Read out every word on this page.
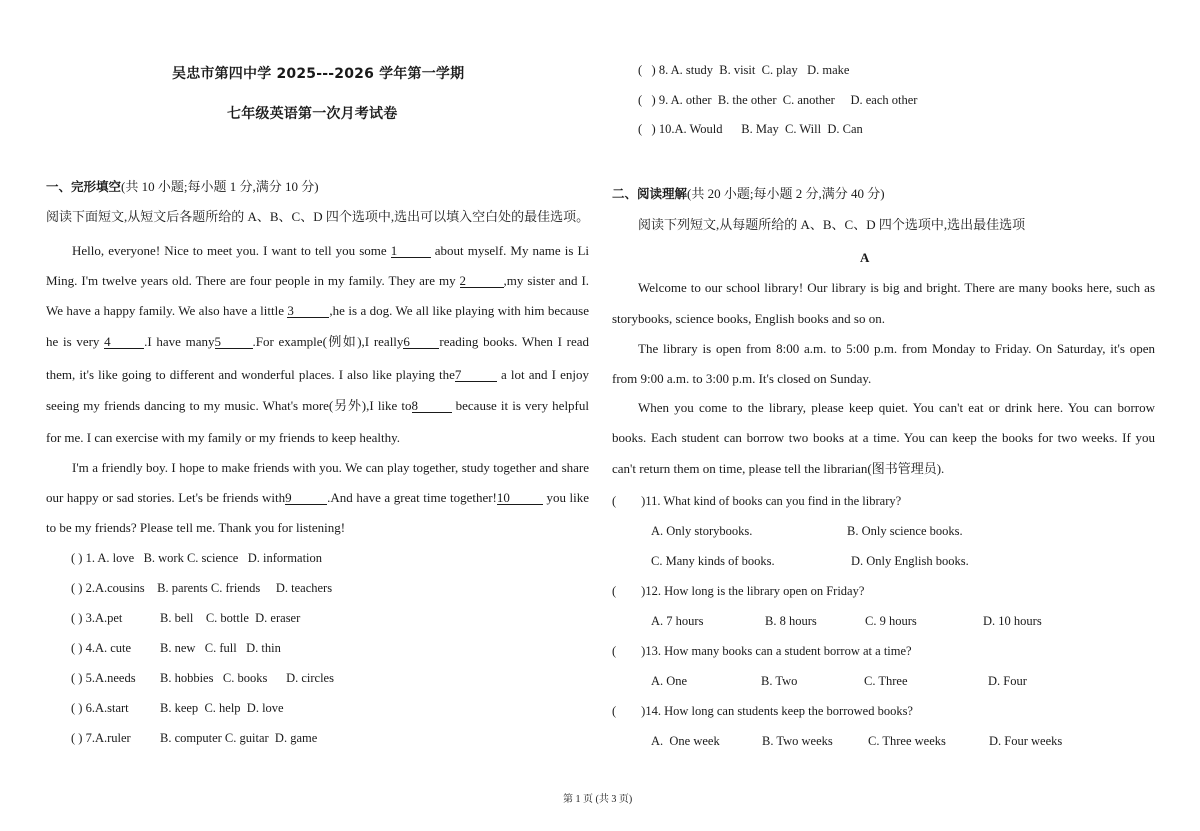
吴忠市第四中学 2025---2026 学年第一学期
七年级英语第一次月考试卷
一、完形填空(共 10 小题;每小题 1 分,满分 10 分)
阅读下面短文,从短文后各题所给的 A、B、C、D 四个选项中,选出可以填入空白处的最佳选项。
Hello, everyone! Nice to meet you. I want to tell you some 1	about myself. My name is Li
Ming. I'm twelve years old. There are four people in my family. They are my 2	,my sister and I.
We have a happy family. We also have a little 3	,he is a dog. We all like playing with him because
he is very 4	.I have many5 .For example(例如),I really6 reading books. When I read
them, it's like going to different and wonderful places. I also like playing the7	a lot and I enjoy
seeing my friends dancing to my music. What's more(另外),I like to8	because it is very helpful
for me. I can exercise with my family or my friends to keep healthy.
I'm a friendly boy. I hope to make friends with you. We can play together, study together and share
our happy or sad stories. Let's be friends with9	.And have a great time together!10	you like
to be my friends? Please tell me. Thank you for listening!
( ) 1. A. love B. work C. science D. information
( ) 2.A.cousins B. parents C. friends D. teachers
( ) 3.A.pet	B. bell C. bottle D. eraser
( ) 4.A. cute B. new C. full D. thin
( ) 5.A.needs B. hobbies C. books D. circles
( ) 6.A.start	B. keep C. help D. love
( ) 7.A.ruler B. computer C. guitar D. game
(   ) 8. A. study  B. visit  C. play   D. make
(   ) 9. A. other  B. the other  C. another     D. each other
(   ) 10.A. Would      B. May  C. Will  D. Can
二、阅读理解(共 20 小题;每小题 2 分,满分 40 分)
阅读下列短文,从每题所给的 A、B、C、D 四个选项中,选出最佳选项
A
Welcome to our school library! Our library is big and bright. There are many books here, such as
storybooks, science books, English books and so on.
The library is open from 8:00 a.m. to 5:00 p.m. from Monday to Friday. On Saturday, it's open
from 9:00 a.m. to 3:00 p.m. It's closed on Sunday.
When you come to the library, please keep quiet. You can't eat or drink here. You can borrow
books. Each student can borrow two books at a time. You can keep the books for two weeks. If you
can't return them on time, please tell the librarian(图书管理员).
(        )11. What kind of books can you find in the library?
A. Only storybooks.	B. Only science books.
C. Many kinds of books.	D. Only English books.
(        )12. How long is the library open on Friday?
A. 7 hours	B. 8 hours	C. 9 hours	D. 10 hours
(        )13. How many books can a student borrow at a time?
A. One	B. Two	C. Three	D. Four
(        )14. How long can students keep the borrowed books?
A.  One week	B. Two weeks	C. Three weeks	D. Four weeks
第 1 页 (共 3 页)
